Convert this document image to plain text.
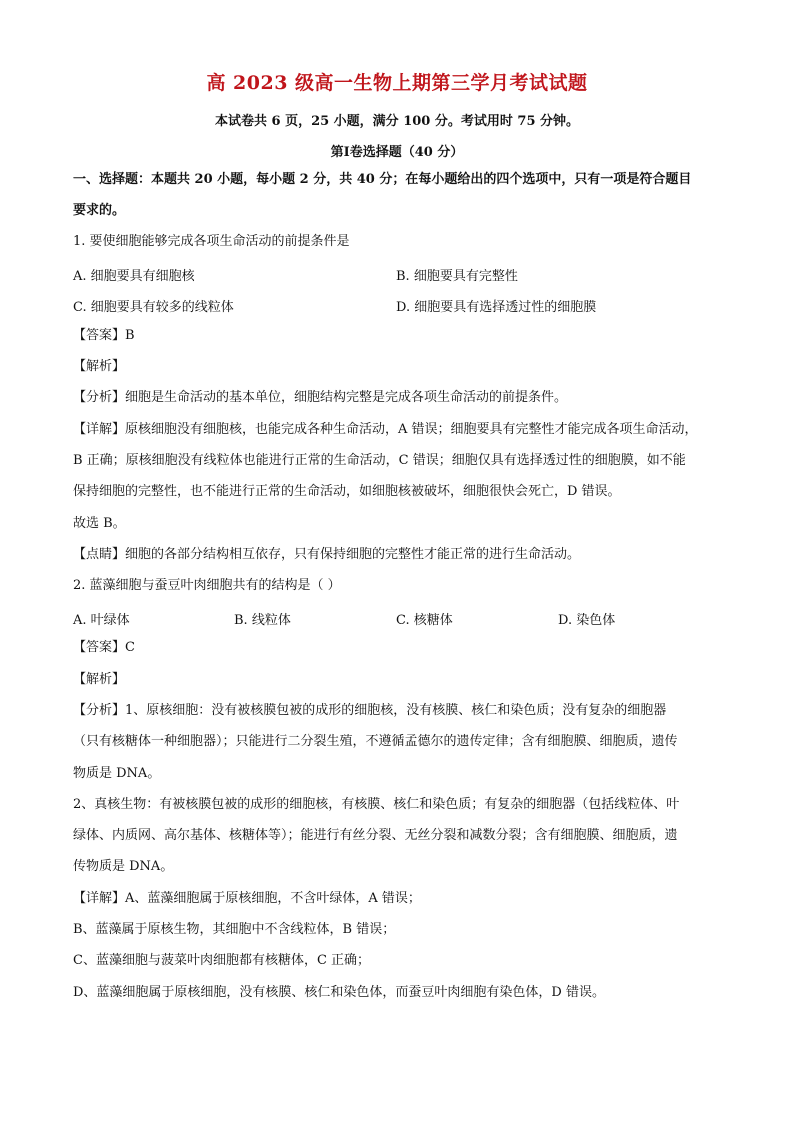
高 2023 级高一生物上期第三学月考试试题
本试卷共 6 页，25 小题，满分 100 分。考试用时 75 分钟。
第Ⅰ卷选择题（40 分）
一、选择题：本题共 20 小题，每小题 2 分，共 40 分；在每小题给出的四个选项中，只有一项是符合题目
要求的。
1. 要使细胞能够完成各项生命活动的前提条件是
A. 细胞要具有细胞核	B. 细胞要具有完整性
C. 细胞要具有较多的线粒体	D. 细胞要具有选择透过性的细胞膜
【答案】B
【解析】
【分析】细胞是生命活动的基本单位，细胞结构完整是完成各项生命活动的前提条件。
【详解】原核细胞没有细胞核，也能完成各种生命活动，A 错误；细胞要具有完整性才能完成各项生命活动，
B 正确；原核细胞没有线粒体也能进行正常的生命活动，C 错误；细胞仅具有选择透过性的细胞膜，如不能
保持细胞的完整性，也不能进行正常的生命活动，如细胞核被破坏，细胞很快会死亡，D 错误。
故选 B。
【点睛】细胞的各部分结构相互依存，只有保持细胞的完整性才能正常的进行生命活动。
2. 蓝藻细胞与蚕豆叶肉细胞共有的结构是（ ）
A. 叶绿体	B. 线粒体	C. 核糖体	D. 染色体
【答案】C
【解析】
【分析】1、原核细胞：没有被核膜包被的成形的细胞核，没有核膜、核仁和染色质；没有复杂的细胞器
（只有核糖体一种细胞器）；只能进行二分裂生殖，不遵循孟德尔的遗传定律；含有细胞膜、细胞质，遗传
物质是 DNA。
2、真核生物：有被核膜包被的成形的细胞核，有核膜、核仁和染色质；有复杂的细胞器（包括线粒体、叶
绿体、内质网、高尔基体、核糖体等）；能进行有丝分裂、无丝分裂和减数分裂；含有细胞膜、细胞质，遗
传物质是 DNA。
【详解】A、蓝藻细胞属于原核细胞，不含叶绿体，A 错误；
B、蓝藻属于原核生物，其细胞中不含线粒体，B 错误；
C、蓝藻细胞与菠菜叶肉细胞都有核糖体，C 正确；
D、蓝藻细胞属于原核细胞，没有核膜、核仁和染色体，而蚕豆叶肉细胞有染色体，D 错误。
